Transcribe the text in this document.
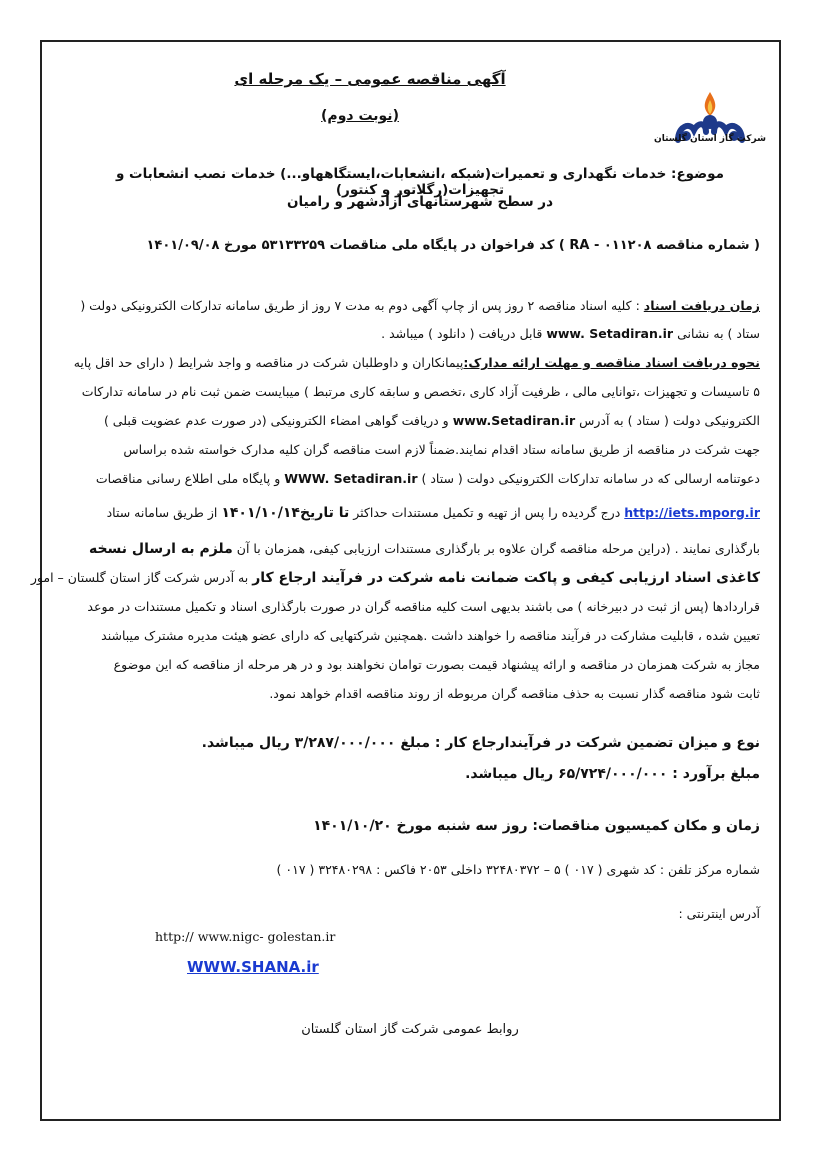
آگهی مناقصه عمومی – یک مرحله ای
(نوبت دوم)
شرکت گاز استان گلستان
موضوع: خدمات نگهداری و تعمیرات(شبکه ،انشعابات،ایستگاههاو...) خدمات نصب انشعابات و تجهیزات(رگلاتور و کنتور)
در سطح شهرستانهای آزادشهر و رامیان
( شماره مناقصه RA - ۰۱۱۲۰۸ ) کد فراخوان در پایگاه ملی مناقصات ۵۳۱۳۳۲۵۹ مورخ ۱۴۰۱/۰۹/۰۸
زمان دریافت اسناد : کلیه اسناد مناقصه ۲ روز پس از چاپ آگهی دوم به مدت ۷ روز از طریق سامانه تدارکات الکترونیکی دولت (
ستاد ) به نشانی www. Setadiran.ir قابل دریافت ( دانلود ) میباشد .
نحوه دریافت اسناد مناقصه و مهلت ارائه مدارک:پیمانکاران و داوطلبان شرکت در مناقصه و واجد شرایط ( دارای حد اقل پایه
۵ تاسیسات و تجهیزات ،توانایی مالی ، ظرفیت آزاد کاری ،تخصص و سابقه کاری مرتبط ) میبایست ضمن ثبت نام در سامانه تدارکات
الکترونیکی دولت ( ستاد ) به آدرس www.Setadiran.ir و دریافت گواهی امضاء الکترونیکی (در صورت عدم عضویت قبلی )
جهت شرکت در مناقصه از طریق سامانه ستاد اقدام نمایند.ضمناً لازم است مناقصه گران کلیه مدارک خواسته شده براساس
دعوتنامه ارسالی که در سامانه تدارکات الکترونیکی دولت ( ستاد ) WWW. Setadiran.ir و پایگاه ملی اطلاع رسانی مناقصات
http://iets.mporg.ir درج گردیده را پس از تهیه و تکمیل مستندات حداکثر تا تاریخ۱۴۰۱/۱۰/۱۴ از طریق سامانه ستاد
بارگذاری نمایند . (دراین مرحله مناقصه گران علاوه بر بارگذاری مستندات ارزیابی کیفی، همزمان با آن ملزم به ارسال نسخه
کاغذی اسناد ارزیابی کیفی و پاکت ضمانت نامه شرکت در فرآیند ارجاع کار به آدرس شرکت گاز استان گلستان – امور
قراردادها (پس از ثبت در دبیرخانه ) می باشند بدیهی است کلیه مناقصه گران در صورت بارگذاری اسناد و تکمیل مستندات در موعد
تعیین شده ، قابلیت مشارکت در فرآیند مناقصه را خواهند داشت .همچنین شرکتهایی که دارای عضو هیئت مدیره مشترک میباشند
مجاز به شرکت همزمان در مناقصه و ارائه پیشنهاد قیمت بصورت توامان نخواهند بود و در هر مرحله از مناقصه که این موضوع
ثابت شود مناقصه گذار نسبت به حذف مناقصه گران مربوطه از روند مناقصه اقدام خواهد نمود.
نوع و میزان تضمین شرکت در فرآیندارجاع کار : مبلغ ۳/۲۸۷/۰۰۰/۰۰۰ ریال میباشد.
مبلغ برآورد : ۶۵/۷۲۴/۰۰۰/۰۰۰ ریال میباشد.
زمان و مکان کمیسیون مناقصات: روز سه شنبه مورخ ۱۴۰۱/۱۰/۲۰
شماره مرکز تلفن : کد شهری ( ۰۱۷ ) ۵ – ۳۲۴۸۰۳۷۲ داخلی ۲۰۵۳ فاکس : ۳۲۴۸۰۲۹۸ ( ۰۱۷ )
آدرس اینترنتی :
http:// www.nigc- golestan.ir
WWW.SHANA.ir
روابط عمومی شرکت گاز استان گلستان
